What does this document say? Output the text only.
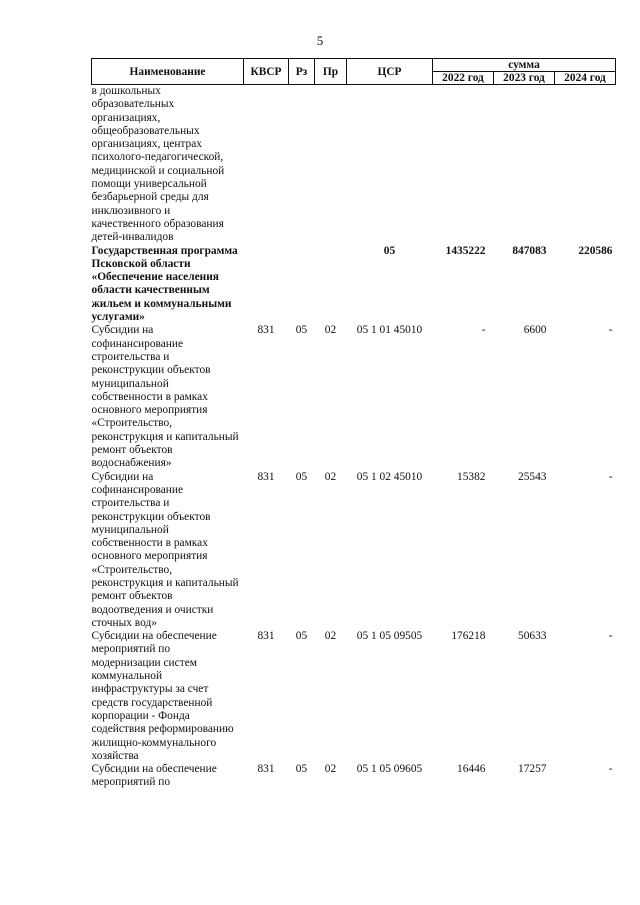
5
Наименование	КВСР	Рз	Пр	ЦСР	сумма		
					2022 год	2023 год	2024 год
в дошкольных образовательных организациях, общеобразовательных организациях, центрах психолого-педагогической, медицинской и социальной помощи универсальной безбарьерной среды для инклюзивного и качественного образования детей-инвалидов							
Государственная программа Псковской области «Обеспечение населения области качественным жильем и коммунальными услугами»				05	1435222	847083	220586
Субсидии на софинансирование строительства и реконструкции объектов муниципальной собственности в рамках основного мероприятия «Строительство, реконструкция и капитальный ремонт объектов водоснабжения»	831	05	02	05 1 01 45010	-	6600	-
Субсидии на софинансирование строительства и реконструкции объектов муниципальной собственности в рамках основного мероприятия «Строительство, реконструкция и капитальный ремонт объектов водоотведения и очистки сточных вод»	831	05	02	05 1 02 45010	15382	25543	-
Субсидии на обеспечение мероприятий по модернизации систем коммунальной инфраструктуры за счет средств государственной корпорации - Фонда содействия реформированию жилищно-коммунального хозяйства	831	05	02	05 1 05 09505	176218	50633	-
Субсидии на обеспечение мероприятий по	831	05	02	05 1 05 09605	16446	17257	-
